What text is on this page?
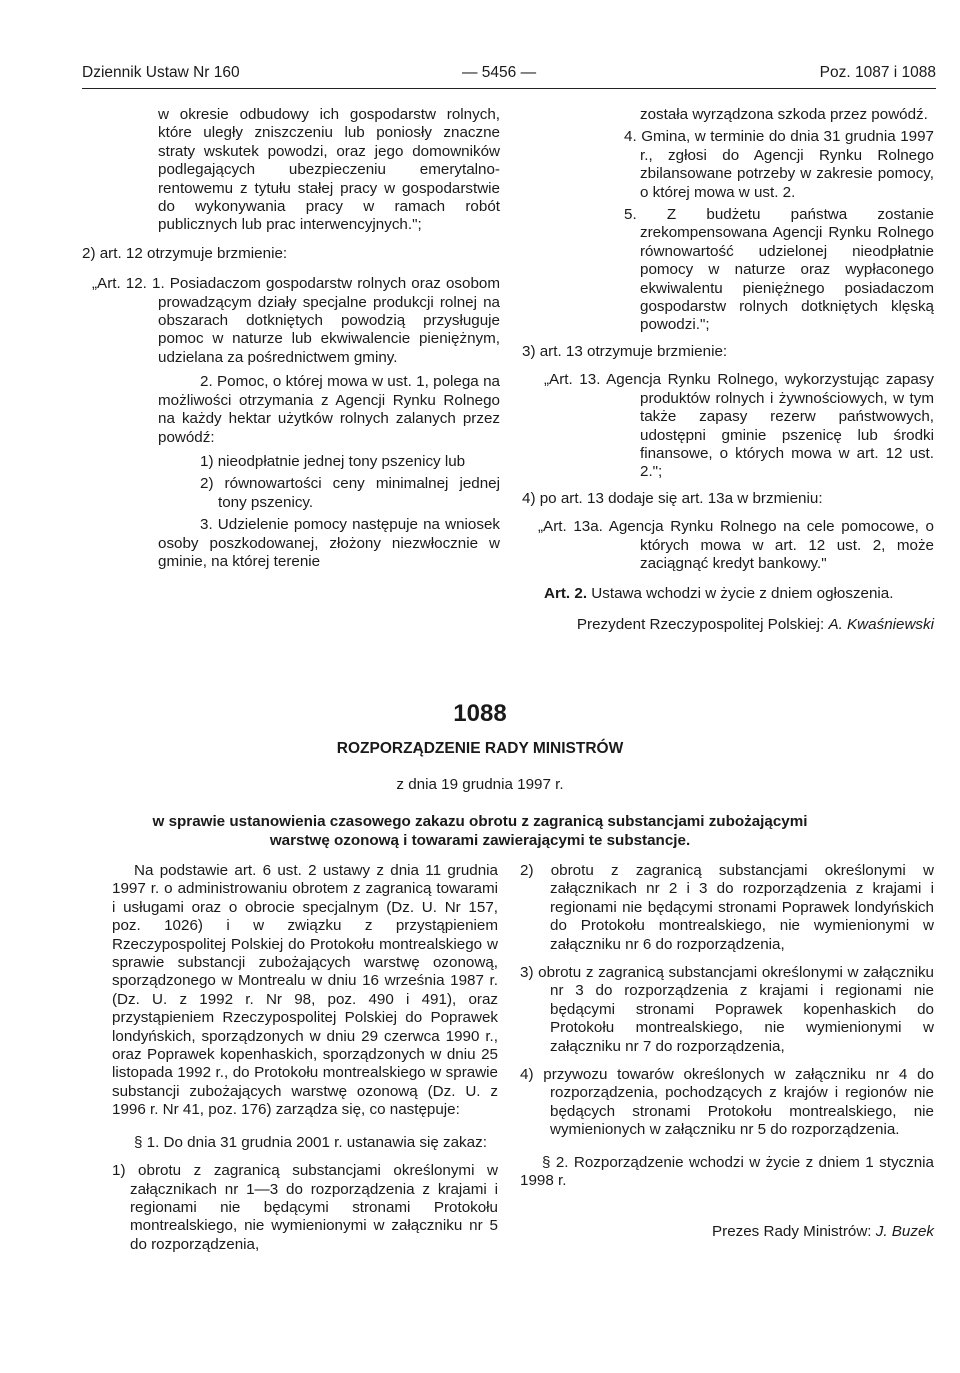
Dziennik Ustaw Nr 160	— 5456 —	Poz. 1087 i 1088

w okresie odbudowy ich gospodarstw rolnych, które uległy zniszczeniu lub poniosły znaczne straty wskutek powodzi, oraz jego domowników podlegających ubezpieczeniu emerytalno-rentowemu z tytułu stałej pracy w gospodarstwie do wykonywania pracy w ramach robót publicznych lub prac interwencyjnych.";

2) art. 12 otrzymuje brzmienie:

„Art. 12. 1. Posiadaczom gospodarstw rolnych oraz osobom prowadzącym działy specjalne produkcji rolnej na obszarach dotkniętych powodzią przysługuje pomoc w naturze lub ekwiwalencie pieniężnym, udzielana za pośrednictwem gminy.

2. Pomoc, o której mowa w ust. 1, polega na możliwości otrzymania z Agencji Rynku Rolnego na każdy hektar użytków rolnych zalanych przez powódź:

1) nieodpłatnie jednej tony pszenicy lub

2) równowartości ceny minimalnej jednej tony pszenicy.

3. Udzielenie pomocy następuje na wniosek osoby poszkodowanej, złożony niezwłocznie w gminie, na której terenie

została wyrządzona szkoda przez powódź.

4. Gmina, w terminie do dnia 31 grudnia 1997 r., zgłosi do Agencji Rynku Rolnego zbilansowane potrzeby w zakresie pomocy, o której mowa w ust. 2.

5. Z budżetu państwa zostanie zrekompensowana Agencji Rynku Rolnego równowartość udzielonej nieodpłatnie pomocy w naturze oraz wypłaconego ekwiwalentu pieniężnego posiadaczom gospodarstw rolnych dotkniętych klęską powodzi.";

3) art. 13 otrzymuje brzmienie:

„Art. 13. Agencja Rynku Rolnego, wykorzystując zapasy produktów rolnych i żywnościowych, w tym także zapasy rezerw państwowych, udostępni gminie pszenicę lub środki finansowe, o których mowa w art. 12 ust. 2.";

4) po art. 13 dodaje się art. 13a w brzmieniu:

„Art. 13a. Agencja Rynku Rolnego na cele pomocowe, o których mowa w art. 12 ust. 2, może zaciągnąć kredyt bankowy."

Art. 2. Ustawa wchodzi w życie z dniem ogłoszenia.

Prezydent Rzeczypospolitej Polskiej: A. Kwaśniewski

1088
ROZPORZĄDZENIE RADY MINISTRÓW
z dnia 19 grudnia 1997 r.
w sprawie ustanowienia czasowego zakazu obrotu z zagranicą substancjami zubożającymi
warstwę ozonową i towarami zawierającymi te substancje.

Na podstawie art. 6 ust. 2 ustawy z dnia 11 grudnia 1997 r. o administrowaniu obrotem z zagranicą towarami i usługami oraz o obrocie specjalnym (Dz. U. Nr 157, poz. 1026) i w związku z przystąpieniem Rzeczypospolitej Polskiej do Protokołu montrealskiego w sprawie substancji zubożających warstwę ozonową, sporządzonego w Montrealu w dniu 16 września 1987 r. (Dz. U. z 1992 r. Nr 98, poz. 490 i 491), oraz przystąpieniem Rzeczypospolitej Polskiej do Poprawek londyńskich, sporządzonych w dniu 29 czerwca 1990 r., oraz Poprawek kopenhaskich, sporządzonych w dniu 25 listopada 1992 r., do Protokołu montrealskiego w sprawie substancji zubożających warstwę ozonową (Dz. U. z 1996 r. Nr 41, poz. 176) zarządza się, co następuje:

§ 1. Do dnia 31 grudnia 2001 r. ustanawia się zakaz:

1) obrotu z zagranicą substancjami określonymi w załącznikach nr 1—3 do rozporządzenia z krajami i regionami nie będącymi stronami Protokołu montrealskiego, nie wymienionymi w załączniku nr 5 do rozporządzenia,

2) obrotu z zagranicą substancjami określonymi w załącznikach nr 2 i 3 do rozporządzenia z krajami i regionami nie będącymi stronami Poprawek londyńskich do Protokołu montrealskiego, nie wymienionymi w załączniku nr 6 do rozporządzenia,

3) obrotu z zagranicą substancjami określonymi w załączniku nr 3 do rozporządzenia z krajami i regionami nie będącymi stronami Poprawek kopenhaskich do Protokołu montrealskiego, nie wymienionymi w załączniku nr 7 do rozporządzenia,

4) przywozu towarów określonych w załączniku nr 4 do rozporządzenia, pochodzących z krajów i regionów nie będących stronami Protokołu montrealskiego, nie wymienionych w załączniku nr 5 do rozporządzenia.

§ 2. Rozporządzenie wchodzi w życie z dniem 1 stycznia 1998 r.

Prezes Rady Ministrów: J. Buzek
